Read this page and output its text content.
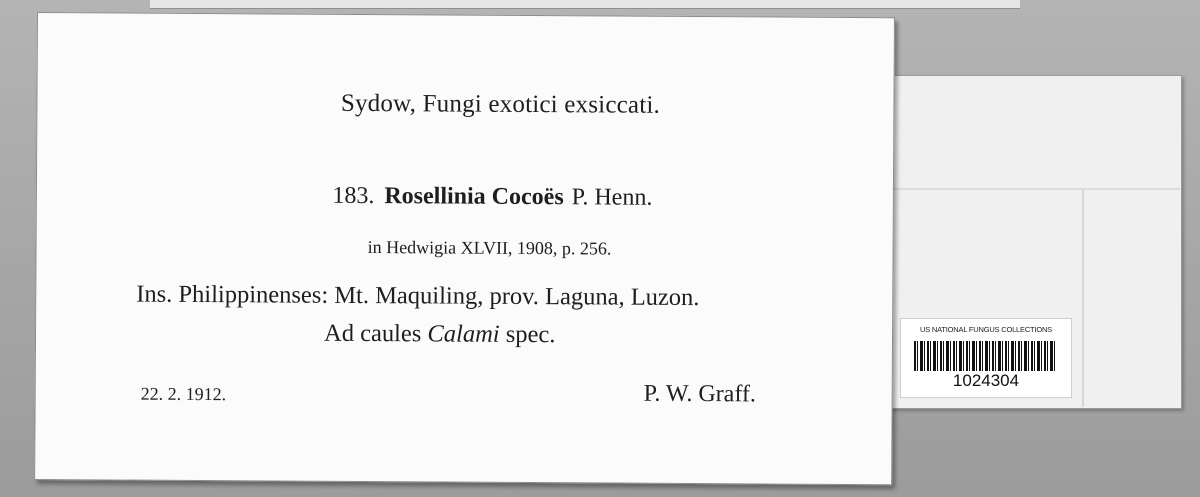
Sydow, Fungi exotici exsiccati.
183. Rosellinia Cocoës P. Henn.
in Hedwigia XLVII, 1908, p. 256.
Ins. Philippinenses: Mt. Maquiling, prov. Laguna, Luzon.
Ad caules Calami spec.
22. 2. 1912.	P. W. Graff.
US NATIONAL FUNGUS COLLECTIONS
1024304
